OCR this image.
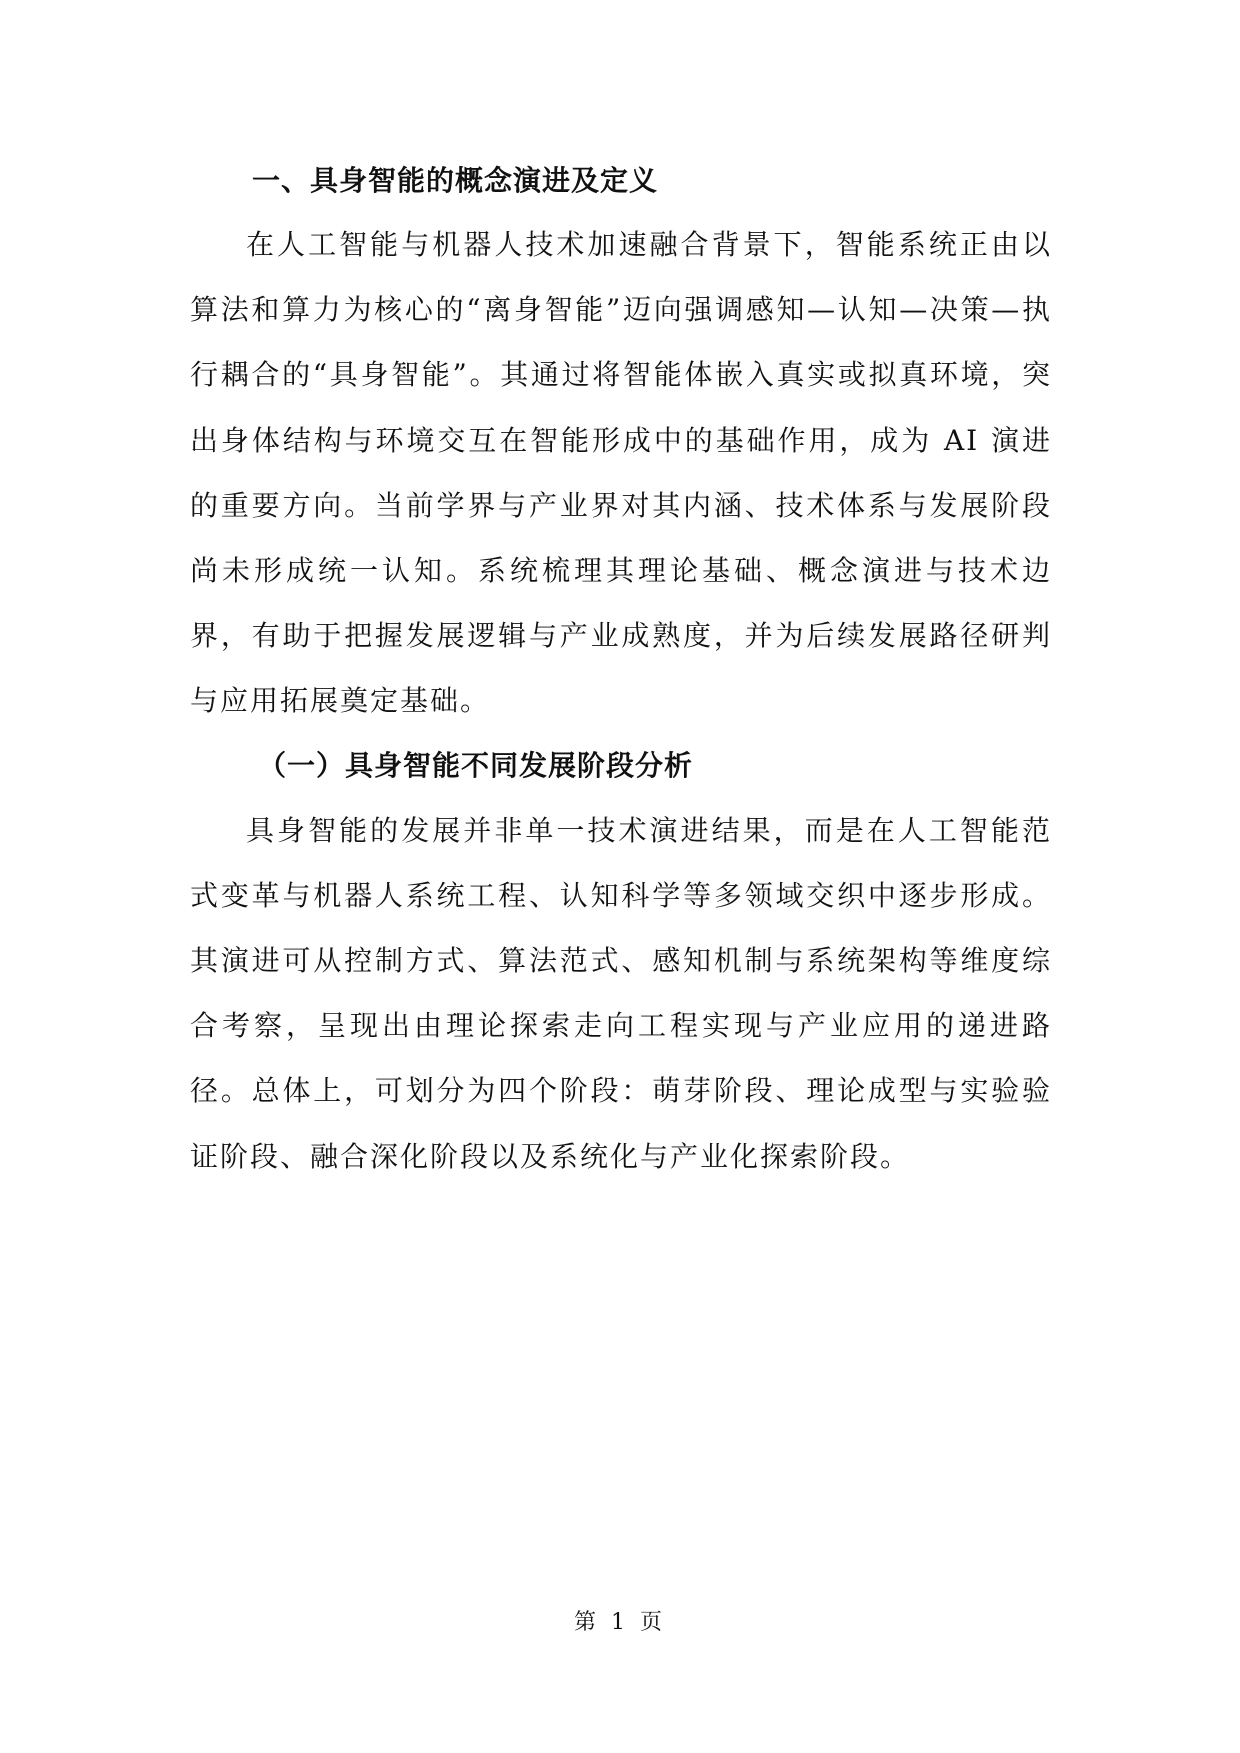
一、具身智能的概念演进及定义

在人工智能与机器人技术加速融合背景下，智能系统正由以算法和算力为核心的“离身智能”迈向强调感知—认知—决策—执行耦合的“具身智能”。其通过将智能体嵌入真实或拟真环境，突出身体结构与环境交互在智能形成中的基础作用，成为 AI 演进的重要方向。当前学界与产业界对其内涵、技术体系与发展阶段尚未形成统一认知。系统梳理其理论基础、概念演进与技术边界，有助于把握发展逻辑与产业成熟度，并为后续发展路径研判与应用拓展奠定基础。

（一）具身智能不同发展阶段分析

具身智能的发展并非单一技术演进结果，而是在人工智能范式变革与机器人系统工程、认知科学等多领域交织中逐步形成。其演进可从控制方式、算法范式、感知机制与系统架构等维度综合考察，呈现出由理论探索走向工程实现与产业应用的递进路径。总体上，可划分为四个阶段：萌芽阶段、理论成型与实验验证阶段、融合深化阶段以及系统化与产业化探索阶段。

第 1 页
